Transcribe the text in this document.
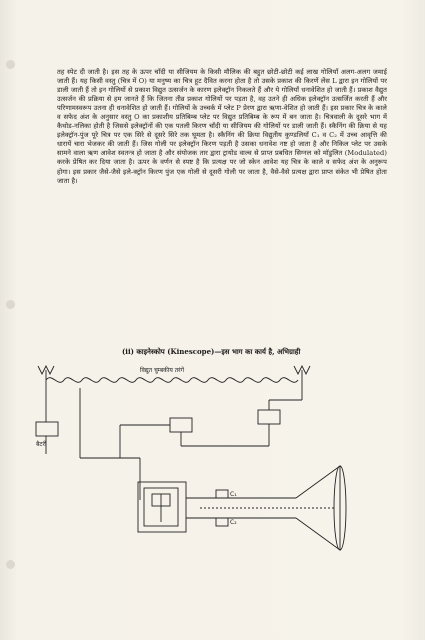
तह स्पेट दी जाती है। इस तह के ऊपर चाँदी या सीजियम के किसी मौलिक की बहुत छोटी-छोटी कई लाख गोलियाँ अलग-अलग जमाई जाती हैं। यह किसी वस्तु (चित्र में O) या मनुष्य का चित्र हूट दैवित करना होता है तो उसके प्रकाश की किरणें लेंस L द्वारा इन गोलियों पर डाली जाती हैं तो इन गोलियों से प्रकाश विद्युत उत्सर्जन के कारण इलेक्ट्रॉन निकलते हैं और ये गोलियाँ धनावेशित हो जाती हैं। प्रकाश वैद्युत उत्सर्जन की प्रक्रिया से हम जानते हैं कि जितना तीव्र प्रकाश गोलियों पर पड़ता है, वह उतने ही अधिक इलेक्ट्रॉन उत्सर्जित करती हैं और परिणामस्वरूप उतना ही धनावेशित हो जाती हैं। गोलियों के उच्चर्क में प्लेट P प्रेरण द्वारा ऋणा-वेशित हो जाती हैं। इस प्रकार चित्र के काले व सफेद अंश के अनुसार वस्तु O का प्रकाशीय प्रतिबिम्ब प्लेट पर विद्युत प्रतिबिम्ब के रूप में बन जाता है। चित्रवाली के दूसरे भाग में कैथोड-नलिका होती है जिससे इलेक्ट्रॉनों की एक पतली किरण चाँदी या सीजियम की गोलियों पर डाली जाती हैं। स्कैनिंग की क्रिया से यह इलेक्ट्रॉन-पुंज पूरे चित्र पर एक सिरे से दूसरे सिरे तक घूमता है। स्कैनिंग की क्रिया विद्युतीय कुण्डलियाँ C₁ व C₂ में उच्च आवृत्ति की धारायें चारा भेजकर की जाती हैं। जिस गोली पर इलेक्ट्रॉन किरण पड़ती है उसका धनावेश नष्ट हो जाता है और निकिल प्लेट पर उसके सामने वाला ऋण आवेश स्वतन्त्र हो जाता है और संयोजक तार द्वारा ट्रायोड वाल्व से प्राप्त प्रबधित सिग्नल को मॉडुलित (Modulated) करके प्रेषित कर दिया जाता है। ऊपर के वर्णन से स्पष्ट है कि प्रत्यक्ष पर जो स्केन आवेश यह चित्र के काले व सफेद अंश के अनुरूप होगा। इस प्रकार जैसे-जैसे इले-क्ट्रॉन किरण पुंज एक गोली से दूसरी गोली पर जाता है, वैसे-वैसे प्रत्यक्ष द्वारा प्राप्त संकेत भी प्रेषित होता जाता है।

(ii) काइनेस्कोप (Kinescope)—इस भाग का कार्य है, अभिग्राही
विद्युत चुम्बकीय तरंगें
बैटरी
C₁
C₂
